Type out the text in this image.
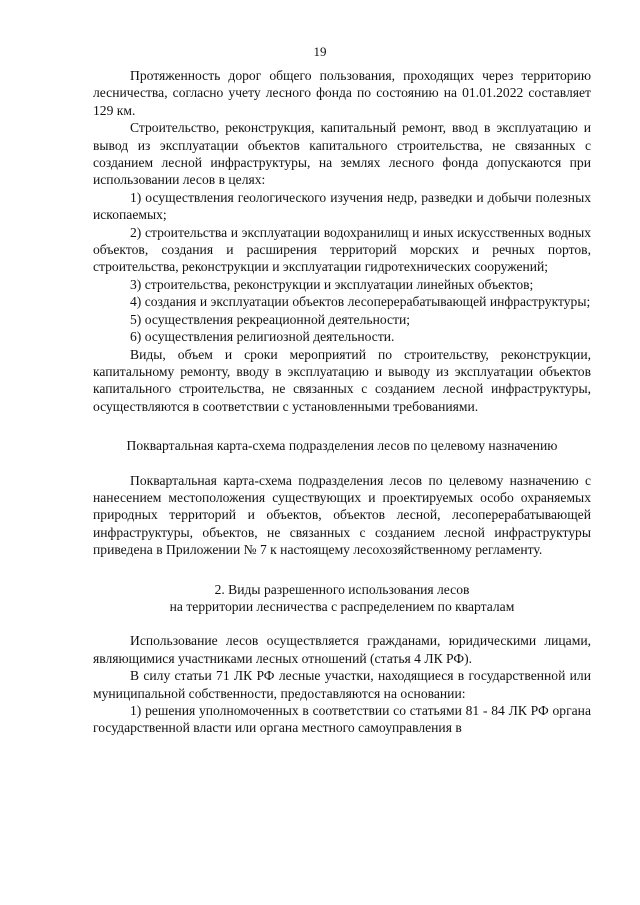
19

Протяженность дорог общего пользования, проходящих через территорию лесничества, согласно учету лесного фонда по состоянию на 01.01.2022 составляет 129 км.

Строительство, реконструкция, капитальный ремонт, ввод в эксплуатацию и вывод из эксплуатации объектов капитального строительства, не связанных с созданием лесной инфраструктуры, на землях лесного фонда допускаются при использовании лесов в целях:

1) осуществления геологического изучения недр, разведки и добычи полезных ископаемых;

2) строительства и эксплуатации водохранилищ и иных искусственных водных объектов, создания и расширения территорий морских и речных портов, строительства, реконструкции и эксплуатации гидротехнических сооружений;

3) строительства, реконструкции и эксплуатации линейных объектов;

4) создания и эксплуатации объектов лесоперерабатывающей инфраструктуры;

5) осуществления рекреационной деятельности;

6) осуществления религиозной деятельности.

Виды, объем и сроки мероприятий по строительству, реконструкции, капитальному ремонту, вводу в эксплуатацию и выводу из эксплуатации объектов капитального строительства, не связанных с созданием лесной инфраструктуры, осуществляются в соответствии с установленными требованиями.

Поквартальная карта-схема подразделения лесов по целевому назначению

Поквартальная карта-схема подразделения лесов по целевому назначению с нанесением местоположения существующих и проектируемых особо охраняемых природных территорий и объектов, объектов лесной, лесоперерабатывающей инфраструктуры, объектов, не связанных с созданием лесной инфраструктуры приведена в Приложении № 7 к настоящему лесохозяйственному регламенту.

2. Виды разрешенного использования лесов
на территории лесничества с распределением по кварталам

Использование лесов осуществляется гражданами, юридическими лицами, являющимися участниками лесных отношений (статья 4 ЛК РФ).

В силу статьи 71 ЛК РФ лесные участки, находящиеся в государственной или муниципальной собственности, предоставляются на основании:

1) решения уполномоченных в соответствии со статьями 81 - 84 ЛК РФ органа государственной власти или органа местного самоуправления в
